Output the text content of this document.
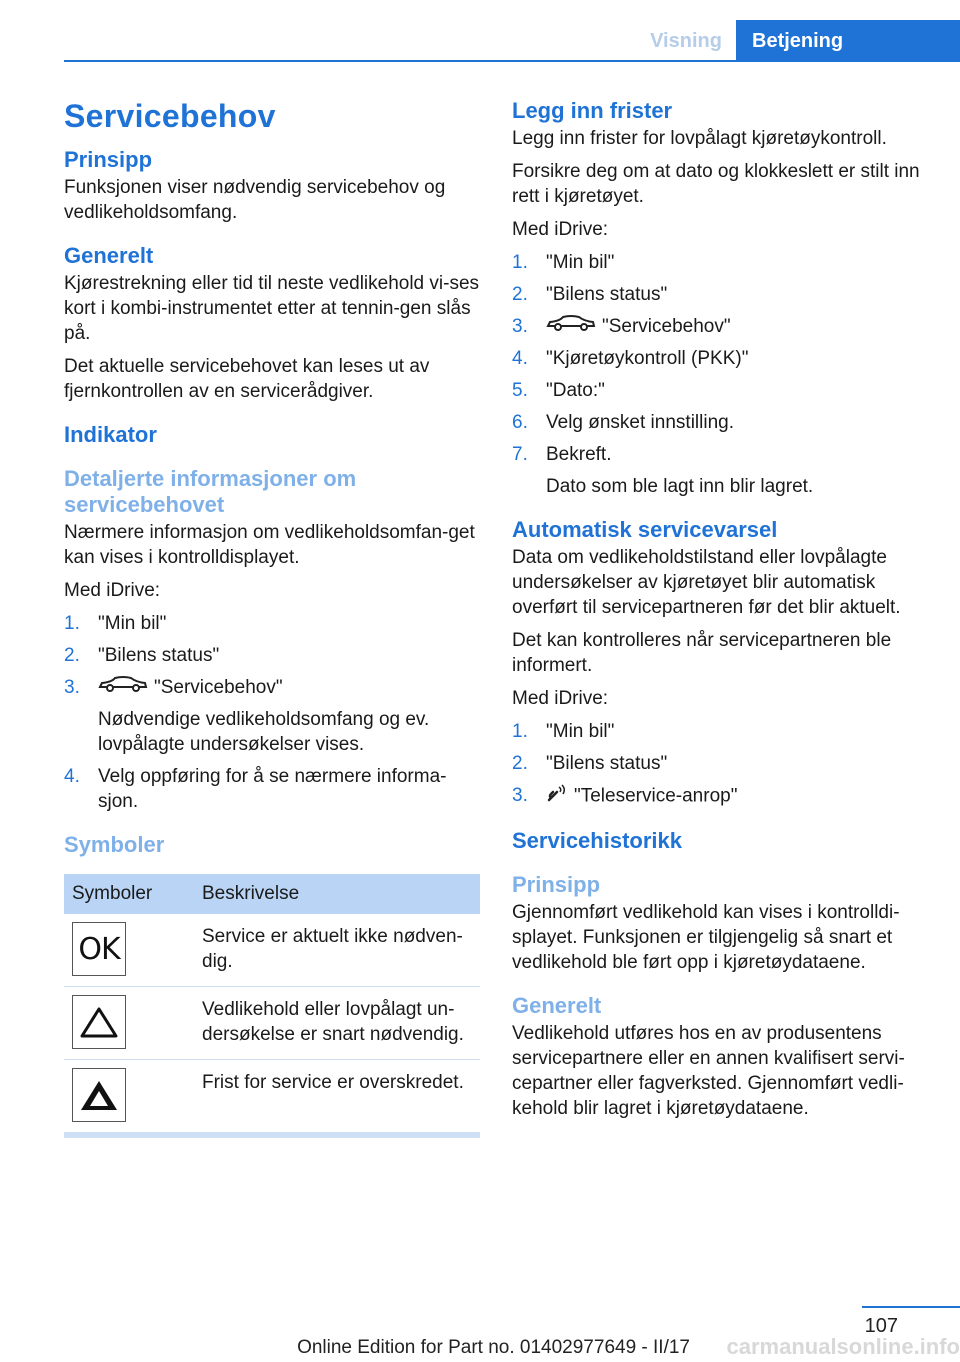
Visning	Betjening
Servicebehov
Prinsipp

Funksjonen viser nødvendig servicebehov og vedlikeholdsomfang.

Generelt

Kjørestrekning eller tid til neste vedlikehold vi-ses kort i kombi-instrumentet etter at tennin-gen slås på.

Det aktuelle servicebehovet kan leses ut av fjernkontrollen av en servicerådgiver.

Indikator
Detaljerte informasjoner om servicebehovet

Nærmere informasjon om vedlikeholdsomfan-get kan vises i kontrolldisplayet.

Med iDrive:

1. "Min bil"
2. "Bilens status"
3.	"Servicebehov"
Nødvendige vedlikeholdsomfang og ev. lovpålagte undersøkelser vises.
4. Velg oppføring for å se nærmere informa-sjon.
Symboler
Symboler	Beskrivelse

OK	Service er aktuelt ikke nødven-dig.

	Vedlikehold eller lovpålagt un-dersøkelse er snart nødvendig.

	Frist for service er overskredet.
Legg inn frister

Legg inn frister for lovpålagt kjøretøykontroll.

Forsikre deg om at dato og klokkeslett er stilt inn rett i kjøretøyet.

Med iDrive:

1. "Min bil"
2. "Bilens status"
3.	"Servicebehov"
4. "Kjøretøykontroll (PKK)"
5. "Dato:"
6. Velg ønsket innstilling.
7. Bekreft.
Dato som ble lagt inn blir lagret.
Automatisk servicevarsel

Data om vedlikeholdstilstand eller lovpålagte undersøkelser av kjøretøyet blir automatisk overført til servicepartneren før det blir aktuelt.

Det kan kontrolleres når servicepartneren ble informert.

Med iDrive:

1. "Min bil"
2. "Bilens status"
3. "Teleservice-anrop"
Servicehistorikk
Prinsipp

Gjennomført vedlikehold kan vises i kontrolldi-splayet. Funksjonen er tilgjengelig så snart et vedlikehold ble ført opp i kjøretøydataene.

Generelt

Vedlikehold utføres hos en av produsentens servicepartnere eller en annen kvalifisert servi-cepartner eller fagverksted. Gjennomført vedli-kehold blir lagret i kjøretøydataene.

107
carmanualsonline.info
Online Edition for Part no. 01402977649 - II/17
